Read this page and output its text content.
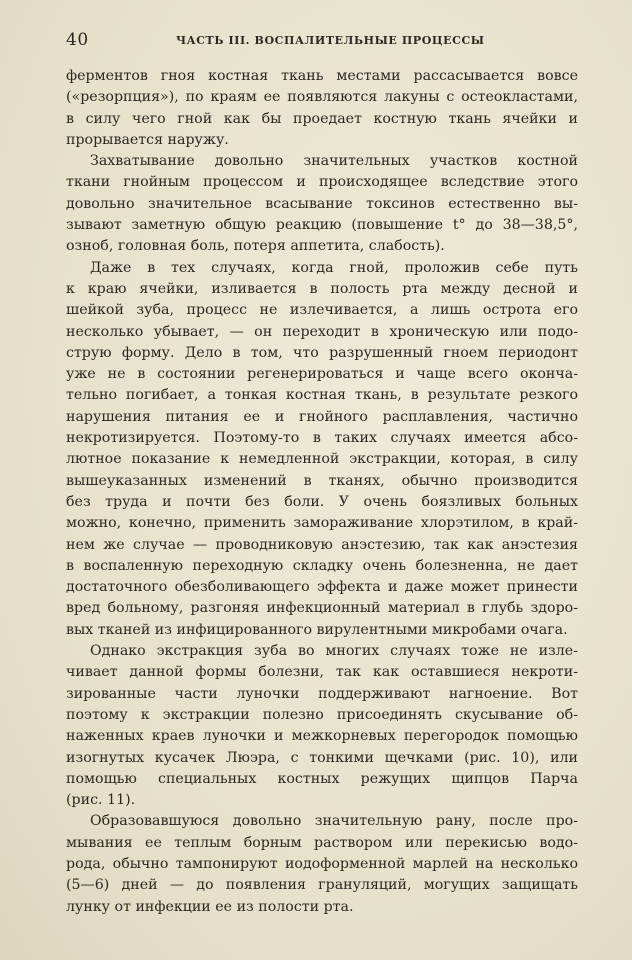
40	ЧАСТЬ III. ВОСПАЛИТЕЛЬНЫЕ ПРОЦЕССЫ
ферментов гноя костная ткань местами рассасывается вовсе
(«резорпция»), по краям ее появляются лакуны с остеокластами,
в силу чего гной как бы проедает костную ткань ячейки и
прорывается наружу.
Захватывание довольно значительных участков костной
ткани гнойным процессом и происходящее вследствие этого
довольно значительное всасывание токсинов естественно вы-
зывают заметную общую реакцию (повышение t° до 38—38,5°,
озноб, головная боль, потеря аппетита, слабость).
Даже в тех случаях, когда гной, проложив себе путь
к краю ячейки, изливается в полость рта между десной и
шейкой зуба, процесс не излечивается, а лишь острота его
несколько убывает, — он переходит в хроническую или подо-
струю форму. Дело в том, что разрушенный гноем периодонт
уже не в состоянии регенерироваться и чаще всего оконча-
тельно погибает, а тонкая костная ткань, в результате резкого
нарушения питания ее и гнойного расплавления, частично
некротизируется. Поэтому-то в таких случаях имеется абсо-
лютное показание к немедленной экстракции, которая, в силу
вышеуказанных изменений в тканях, обычно производится
без труда и почти без боли. У очень боязливых больных
можно, конечно, применить замораживание хлорэтилом, в край-
нем же случае — проводниковую анэстезию, так как анэстезия
в воспаленную переходную складку очень болезненна, не дает
достаточного обезболивающего эффекта и даже может принести
вред больному, разгоняя инфекционный материал в глубь здоро-
вых тканей из инфицированного вирулентными микробами очага.
Однако экстракция зуба во многих случаях тоже не изле-
чивает данной формы болезни, так как оставшиеся некроти-
зированные части луночки поддерживают нагноение. Вот
поэтому к экстракции полезно присоединять скусывание об-
наженных краев луночки и межкорневых перегородок помощью
изогнутых кусачек Люэра, с тонкими щечками (рис. 10), или
помощью специальных костных режущих щипцов Парча
(рис. 11).
Образовавшуюся довольно значительную рану, после про-
мывания ее теплым борным раствором или перекисью водо-
рода, обычно тампонируют иодоформенной марлей на несколько
(5—6) дней — до появления грануляций, могущих защищать
лунку от инфекции ее из полости рта.
